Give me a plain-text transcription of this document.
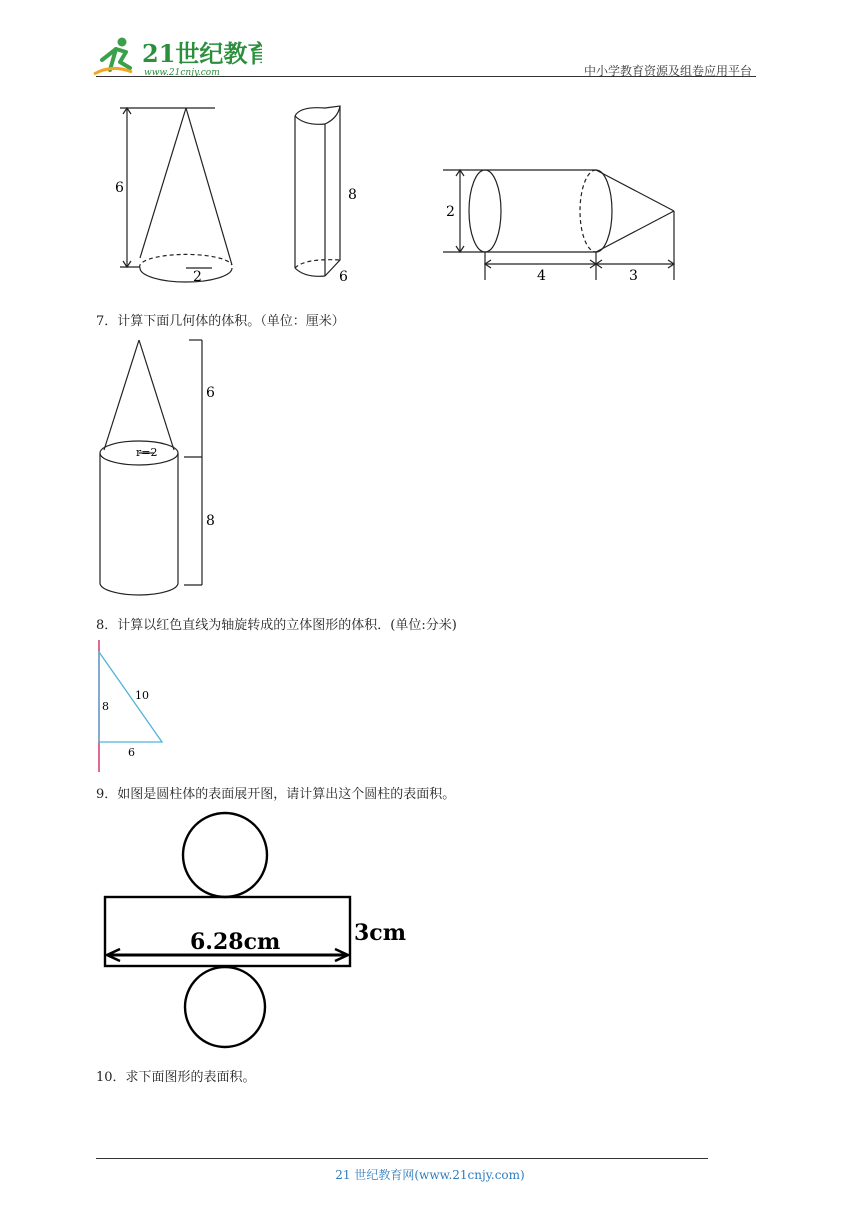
21世纪教育
www.21cnjy.com	中小学教育资源及组卷应用平台
6
2
8
6
2
4	3
7．计算下面几何体的体积。（单位：厘米）
6
r=2
8
8．计算以红色直线为轴旋转成的立体图形的体积．(单位:分米)
8
10
6
9．如图是圆柱体的表面展开图，请计算出这个圆柱的表面积。
6.28cm	3cm
10．求下面图形的表面积。
21 世纪教育网(www.21cnjy.com)
